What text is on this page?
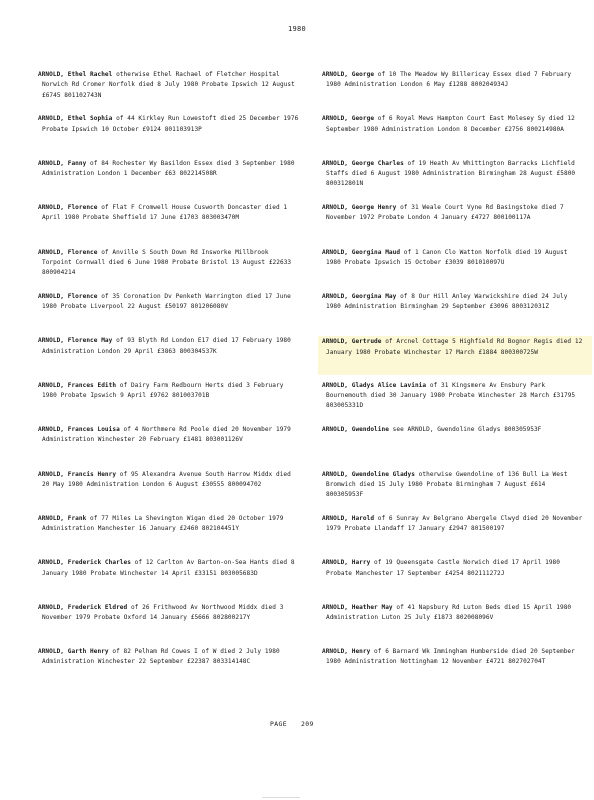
1980
ARNOLD, Ethel Rachel otherwise Ethel Rachael of Fletcher Hospital Norwich Rd Cromer Norfolk died 8 July 1980 Probate Ipswich 12 August £6745 801102743N
ARNOLD, Ethel Sophia of 44 Kirkley Run Lowestoft died 25 December 1976 Probate Ipswich 10 October £9124 801103913P
ARNOLD, Fanny of 84 Rochester Wy Basildon Essex died 3 September 1980 Administration London 1 December £63 802214508R
ARNOLD, Florence of Flat F Cromwell House Cusworth Doncaster died 1 April 1980 Probate Sheffield 17 June £1703 803003470M
ARNOLD, Florence of Anville S South Down Rd Insworke Millbrook Torpoint Cornwall died 6 June 1980 Probate Bristol 13 August £22633 800904214
ARNOLD, Florence of 35 Coronation Dv Penketh Warrington died 17 June 1980 Probate Liverpool 22 August £50197 801206080V
ARNOLD, Florence May of 93 Blyth Rd London E17 died 17 February 1980 Administration London 29 April £3863 800304537K
ARNOLD, Frances Edith of Dairy Farm Redbourn Herts died 3 February 1980 Probate Ipswich 9 April £9762 801003701B
ARNOLD, Frances Louisa of 4 Northmere Rd Poole died 20 November 1979 Administration Winchester 20 February £1481 803001126V
ARNOLD, Francis Henry of 95 Alexandra Avenue South Harrow Middx died 20 May 1980 Administration London 6 August £30555 800094702
ARNOLD, Frank of 77 Miles La Shevington Wigan died 20 October 1979 Administration Manchester 16 January £2460 802104451Y
ARNOLD, Frederick Charles of 12 Carlton Av Barton-on-Sea Hants died 8 January 1980 Probate Winchester 14 April £33151 803005683D
ARNOLD, Frederick Eldred of 26 Frithwood Av Northwood Middx died 3 November 1979 Probate Oxford 14 January £5666 802800217Y
ARNOLD, Garth Henry of 82 Pelham Rd Cowes I of W died 2 July 1980 Administration Winchester 22 September £22387 803314148C
ARNOLD, George of 10 The Meadow Wy Billericay Essex died 7 February 1980 Administration London 6 May £1288 800204934J
ARNOLD, George of 6 Royal Mews Hampton Court East Molesey Sy died 12 September 1980 Administration London 8 December £2756 800214980A
ARNOLD, George Charles of 19 Heath Av Whittington Barracks Lichfield Staffs died 6 August 1980 Administration Birmingham 28 August £5800 800312801N
ARNOLD, George Henry of 31 Weale Court Vyne Rd Basingstoke died 7 November 1972 Probate London 4 January £4727 800100117A
ARNOLD, Georgina Maud of 1 Canon Clo Watton Norfolk died 19 August 1980 Probate Ipswich 15 October £3039 801010097U
ARNOLD, Georgina May of 8 Our Hill Anley Warwickshire died 24 July 1980 Administration Birmingham 29 September £3096 800312031Z
ARNOLD, Gertrude of Arcnel Cottage 5 Highfield Rd Bognor Regis died 12 January 1980 Probate Winchester 17 March £1884 800300725W
ARNOLD, Gladys Alice Lavinia of 31 Kingsmere Av Ensbury Park Bournemouth died 30 January 1980 Probate Winchester 28 March £31795 803005331D
ARNOLD, Gwendoline see ARNOLD, Gwendoline Gladys 800305953F
ARNOLD, Gwendoline Gladys otherwise Gwendoline of 136 Bull La West Bromwich died 15 July 1980 Probate Birmingham 7 August £614 800305953F
ARNOLD, Harold of 6 Sunray Av Belgrano Abergele Clwyd died 20 November 1979 Probate Llandaff 17 January £2947 801500197
ARNOLD, Harry of 19 Queensgate Castle Norwich died 17 April 1980 Probate Manchester 17 September £4254 802111272J
ARNOLD, Heather May of 41 Napsbury Rd Luton Beds died 15 April 1980 Administration Luton 25 July £1873 802008096V
ARNOLD, Henry of 6 Barnard Wk Immingham Humberside died 20 September 1980 Administration Nottingham 12 November £4721 802702704T
PAGE 209
